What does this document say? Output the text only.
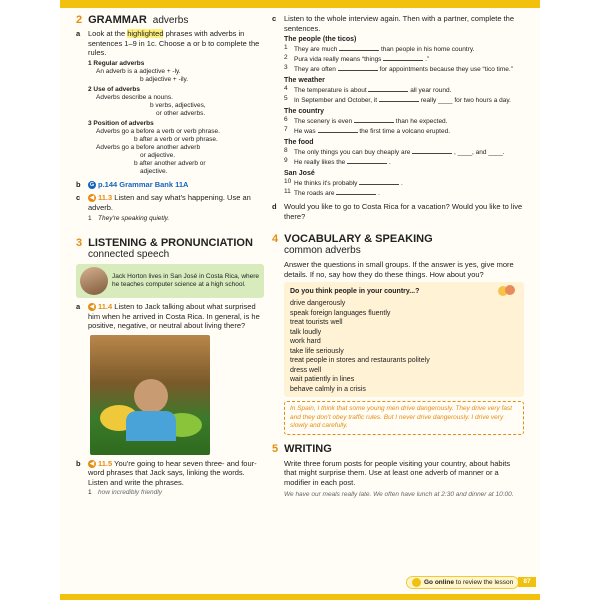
2 GRAMMAR adverbs
a	Look at the highlighted phrases with adverbs in sentences 1–9 in 1c. Choose a or b to complete the rules.
1 Regular adverbs
An adverb is a adjective + -ly.
b adjective + -ily.
2 Use of adverbs
Adverbs describe a nouns.
b verbs, adjectives,
or other adverbs.
3 Position of adverbs
Adverbs go a before a verb or verb phrase.
b after a verb or verb phrase.
Adverbs go a before another adverb
or adjective.
b after another adverb or
adjective.
b	G p.144 Grammar Bank 11A
c	◀ 11.3 Listen and say what's happening. Use an adverb.
1 They're speaking quietly.
3 LISTENING & PRONUNCIATION
connected speech
Jack Horton lives in San José in Costa Rica, where he teaches computer science at a high school.
a	◀ 11.4 Listen to Jack talking about what surprised him when he arrived in Costa Rica. In general, is he positive, negative, or neutral about living there?
b	◀ 11.5 You're going to hear seven three- and four-word phrases that Jack says, linking the words. Listen and write the phrases.
1 how incredibly friendly
c	Listen to the whole interview again. Then with a partner, complete the sentences.
The people (the ticos)
1 They are much	than people in his home country.
2 Pura vida really means “things	.”
3 They are often	for appointments because they use “tico time.”
The weather
4 The temperature is about	all year round.
5 In September and October, it	really ____ for two hours a day.
The country
6 The scenery is even	than he expected.
7 He was	the first time a volcano erupted.
The food
8 The only things you can buy cheaply are	, ____, and ____.
9 He really likes the	.
San José
10 He thinks it's probably	.
11 The roads are	.
d Would you like to go to Costa Rica for a vacation? Would you like to live there?
4 VOCABULARY & SPEAKING
common adverbs
Answer the questions in small groups. If the answer is yes, give more details. If no, say how they do these things. How about you?
Do you think people in your country...?
drive dangerously
speak foreign languages fluently
treat tourists well
talk loudly
work hard
take life seriously
treat people in stores and restaurants politely
dress well
wait patiently in lines
behave calmly in a crisis
In Spain, I think that some young men drive dangerously. They drive very fast and they don't obey traffic rules. But I never drive dangerously. I drive very slowly and carefully.
5 WRITING
Write three forum posts for people visiting your country, about habits that might surprise them. Use at least one adverb of manner or a modifier in each post.
We have our meals really late. We often have lunch at 2:30 and dinner at 10:00.
Go online to review the lesson	87
